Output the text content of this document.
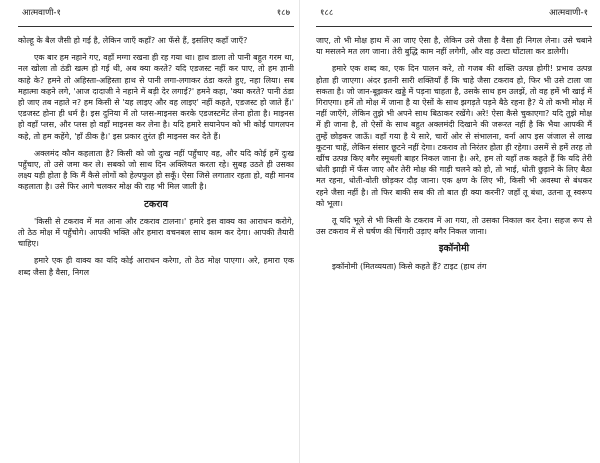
आत्मवाणी-१	१८७

कोल्हू के बैल जैसी हो गई है, लेकिन जाएँ कहाँ? आ फँसे हैं, इसलिए कहाँ जाएँ?

एक बार हम नहाने गए, वहाँ मग्गा रखना ही रह गया था। हाथ डाला तो पानी बहुत गरम था, नल खोला तो ठंडी खत्म हो गई थी, अब क्या करते? यदि एडजस्ट नहीं कर पाए, तो हम ज्ञानी काहे के? हमने तो अहिस्ता-अहिस्ता हाथ से पानी लगा-लगाकर ठंडा करते हुए, नहा लिया। सब महात्मा कहने लगे, 'आज दादाजी ने नहाने में बड़ी देर लगाई?' हमने कहा, 'क्या करते? पानी ठंडा हो जाए तब नहाते न? हम किसी से 'यह लाइए और वह लाइए' नहीं कहते, एडजस्ट हो जाते हैं।' एडजस्ट होना ही धर्म है। इस दुनिया में तो प्लस-माइनस करके एडजस्टमेंट लेना होता है। माइनस हो वहाँ प्लस, और प्लस हो वहाँ माइनस कर लेना है। यदि हमारे सयानेपन को भी कोई पागलपन कहे, तो हम कहेंगे, 'हाँ ठीक है।' इस प्रकार तुरंत ही माइनस कर देते हैं।

अक्लमंद कौन कहलाता है? किसी को जो दुःख नहीं पहुँचाए वह, और यदि कोई हमें दुःख पहुँचाए, तो उसे जमा कर ले। सबको जो साथ दिन अक्लियत करता रहे। सुबह उठते ही उसका लक्ष्य यही होता है कि मैं कैसे लोगों को हेल्पफुल हो सकूँ। ऐसा जिसे लगातार रहता हो, वही मानव कहलाता है। उसे फिर आगे चलकर मोक्ष की राह भी मिल जाती है।

टकराव

'किसी से टकराव में मत आना और टकराव टालना।' हमारे इस वाक्य का आराधन करोगे, तो ठेठ मोक्ष में पहुँचोगे। आपकी भक्ति और हमारा वचनबल साथ काम कर देगा। आपकी तैयारी चाहिए।

हमारे एक ही वाक्य का यदि कोई आराधन करेगा, तो ठेठ मोक्ष पाएगा। अरे, हमारा एक शब्द जैसा है वैसा, निगल

१८८	आत्मवाणी-१

जाए, तो भी मोक्ष हाथ में आ जाए ऐसा है, लेकिन उसे जैसा है वैसा ही निगल लेना। उसे चबाने या मसलने मत लग जाना। तेरी बुद्धि काम नहीं लगेगी, और वह उल्टा घोंटाला कर डालेगी।

हमारे एक शब्द का, एक दिन पालन करे, तो गजब की शक्ति उत्पन्न होगी! प्रभाव उत्पन्न होता ही जाएगा। अंदर इतनी सारी शक्तियाँ हैं कि चाहे जैसा टकराव हो, फिर भी उसे टाला जा सकता है। जो जान-बूझकर खड्डे में पड़ना चाहता है, उसके साथ हम उलझें, तो वह हमें भी खाई में गिराएगा। हमें तो मोक्ष में जाना है या ऐसों के साथ झगड़ते पड़ने बैठे रहना है? ये तो कभी मोक्ष में नहीं जाएँगे, लेकिन तुझे भी अपने साथ बिठाकर रखेंगे। अरे! ऐसा कैसे चुकाएगा? यदि तुझे मोक्ष में ही जाना है, तो ऐसों के साथ बहुत अक्लमंदी दिखाने की जरूरत नहीं है कि भैया आपकी मैं तुम्हें छोड़कर जाऊँ। वहाँ गया है ये सारे, चारों ओर से संभालना, वर्ना आप इस जंजाल से लाख कूटना चाहें, लेकिन संसार छूटने नहीं देगा। टकराव तो निरंतर होता ही रहेगा। उसमें से हमें तरह तो खींच उत्पन्न किए बगैर स्मूथली बाहर निकल जाना है। अरे, हम तो यहाँ तक कहते हैं कि यदि तेरी धोती झाड़ी में फँस जाए और तेरी मोक्ष की गाड़ी चलने को हो, तो भाई, धोती छुड़ाने के लिए बैठा मत रहना, धोती-वोती छोड़कर दौड़ जाना। एक क्षण के लिए भी, किसी भी अवस्था से बंधकर रहने जैसा नहीं है। तो फिर बाकी सब की तो बात ही क्या करनी? जहाँ तू बंधा, उतना तू स्वरूप को भूला।

तू यदि भूले से भी किसी के टकराव में आ गया, तो उसका निकाल कर देना। सहज रूप से उस टकराव में से घर्षण की चिंगारी उड़ाए बगैर निकल जाना।

इकॉनोमी

इकॉनोमी (मितव्ययता) किसे कहते हैं? टाइट (हाथ तंग
